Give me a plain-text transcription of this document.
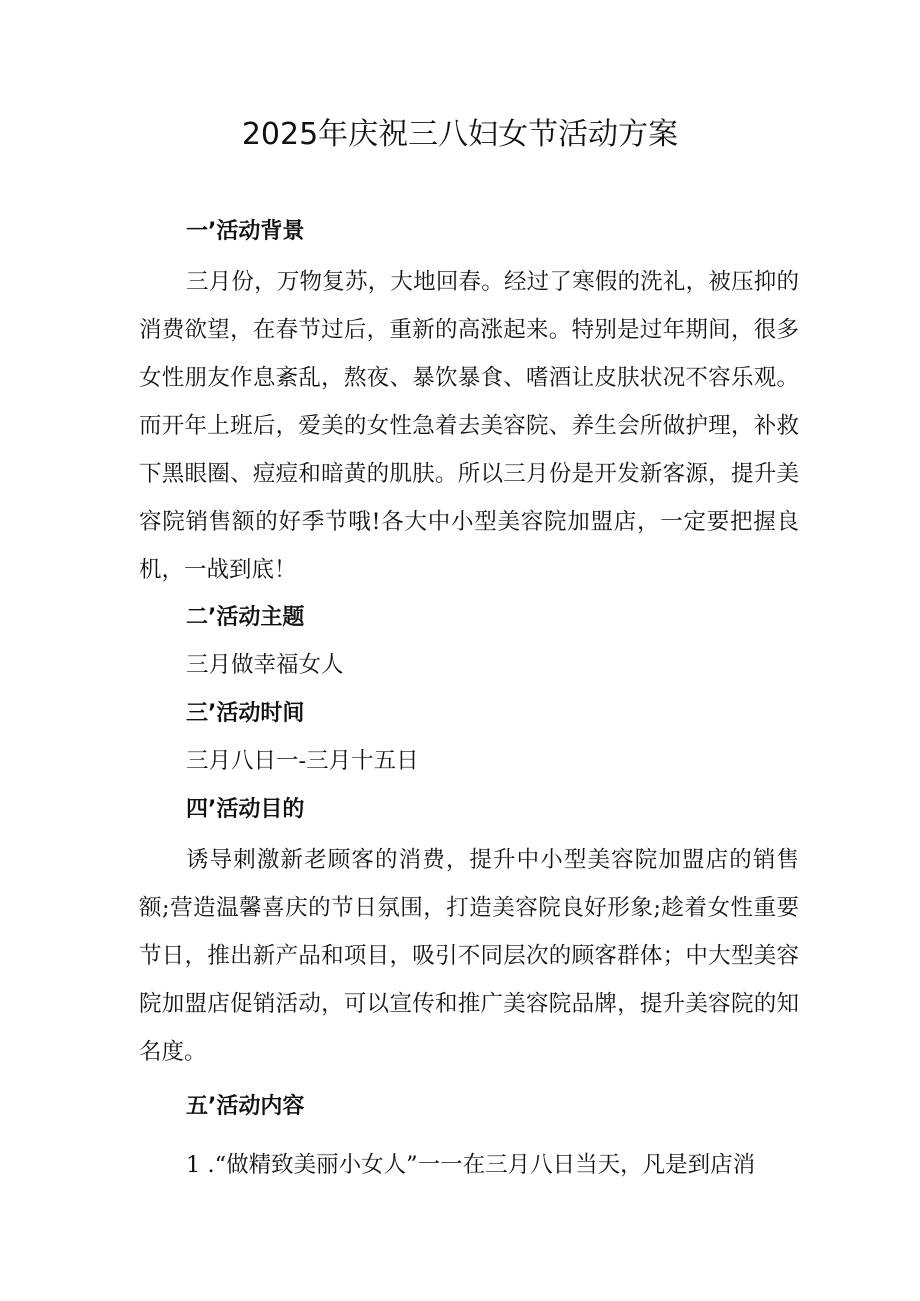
2025年庆祝三八妇女节活动方案
一’活动背景
三月份，万物复苏，大地回春。经过了寒假的洗礼，被压抑的消费欲望，在春节过后，重新的高涨起来。特别是过年期间，很多女性朋友作息紊乱，熬夜、暴饮暴食、嗜酒让皮肤状况不容乐观。而开年上班后，爱美的女性急着去美容院、养生会所做护理，补救下黑眼圈、痘痘和暗黄的肌肤。所以三月份是开发新客源，提升美容院销售额的好季节哦!各大中小型美容院加盟店，一定要把握良机，一战到底！
二’活动主题
三月做幸福女人
三’活动时间
三月八日一-三月十五日
四’活动目的
诱导刺激新老顾客的消费，提升中小型美容院加盟店的销售额;营造温馨喜庆的节日氛围，打造美容院良好形象;趁着女性重要节日，推出新产品和项目，吸引不同层次的顾客群体；中大型美容院加盟店促销活动，可以宣传和推广美容院品牌，提升美容院的知名度。
五’活动内容
1 .“做精致美丽小女人”一一在三月八日当天，凡是到店消
